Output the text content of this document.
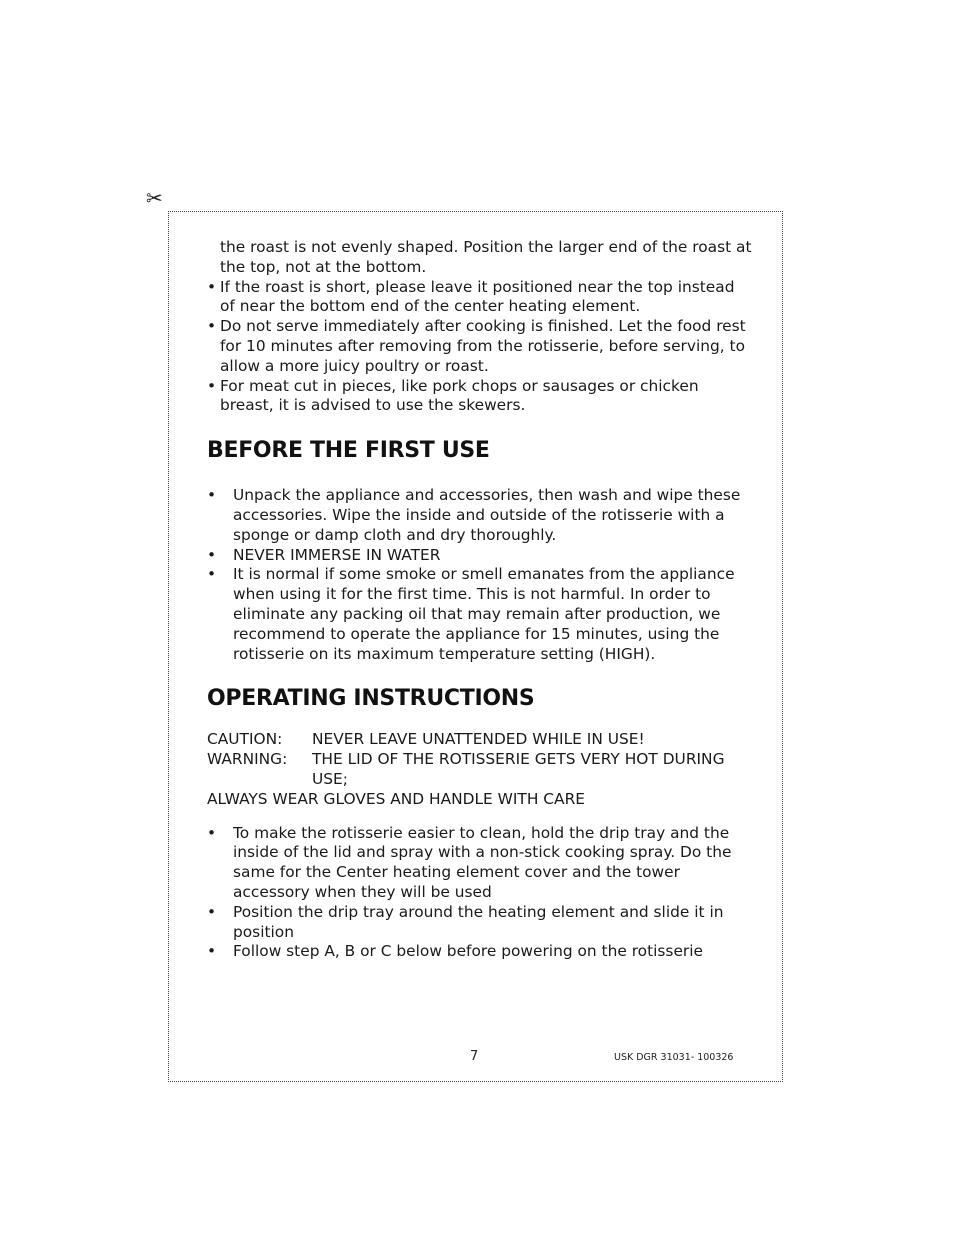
✂

the roast is not evenly shaped. Position the larger end of the roast at the top, not at the bottom.

• If the roast is short, please leave it positioned near the top instead of near the bottom end of the center heating element.
• Do not serve immediately after cooking is finished. Let the food rest for 10 minutes after removing from the rotisserie, before serving, to allow a more juicy poultry or roast.
• For meat cut in pieces, like pork chops or sausages or chicken breast, it is advised to use the skewers.
BEFORE THE FIRST USE
• Unpack the appliance and accessories, then wash and wipe these accessories. Wipe the inside and outside of the rotisserie with a sponge or damp cloth and dry thoroughly.
• NEVER IMMERSE IN WATER
• It is normal if some smoke or smell emanates from the appliance when using it for the first time. This is not harmful. In order to eliminate any packing oil that may remain after production, we recommend to operate the appliance for 15 minutes, using the rotisserie on its maximum temperature setting (HIGH).
OPERATING INSTRUCTIONS
CAUTION:	NEVER LEAVE UNATTENDED WHILE IN USE!
WARNING:	THE LID OF THE ROTISSERIE GETS VERY HOT DURING USE;
ALWAYS WEAR GLOVES AND HANDLE WITH CARE
• To make the rotisserie easier to clean, hold the drip tray and the inside of the lid and spray with a non-stick cooking spray. Do the same for the Center heating element cover and the tower accessory when they will be used
• Position the drip tray around the heating element and slide it in position
• Follow step A, B or C below before powering on the rotisserie
7	USK DGR 31031- 100326
